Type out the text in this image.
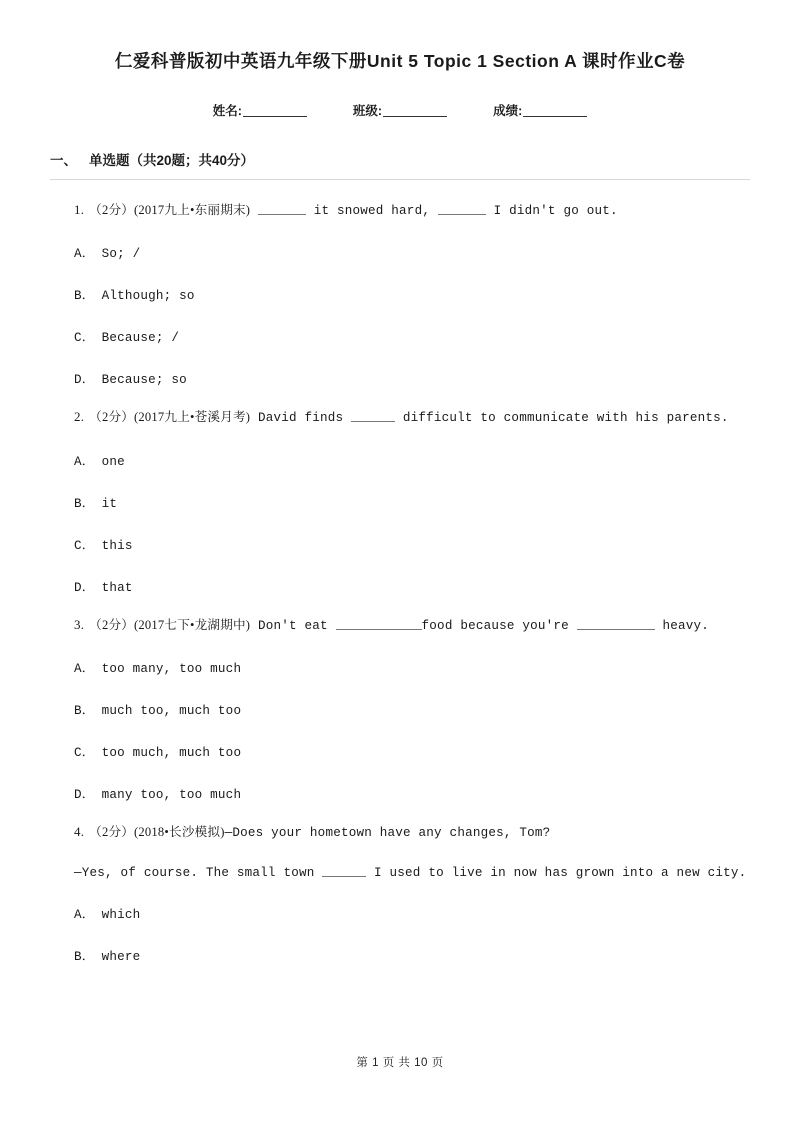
仁爱科普版初中英语九年级下册Unit 5 Topic 1 Section A 课时作业C卷
姓名:	班级:	成绩:
一、 单选题（共20题；共40分）
1. （2分）(2017九上•东丽期末)	it snowed hard,	I didn't go out.
A． So; /
B． Although; so
C． Because; /
D． Because; so
2. （2分）(2017九上•苍溪月考) David finds	difficult to communicate with his parents.
A． one
B． it
C． this
D． that
3. （2分）(2017七下•龙湖期中) Don't eat	food because you're	heavy.
A． too many, too much
B． much too, much too
C． too much, much too
D． many too, too much
4. （2分）(2018•长沙模拟)—Does your hometown have any changes, Tom?
—Yes, of course. The small town	I used to live in now has grown into a new city.
A． which
B． where
第 1 页 共 10 页
